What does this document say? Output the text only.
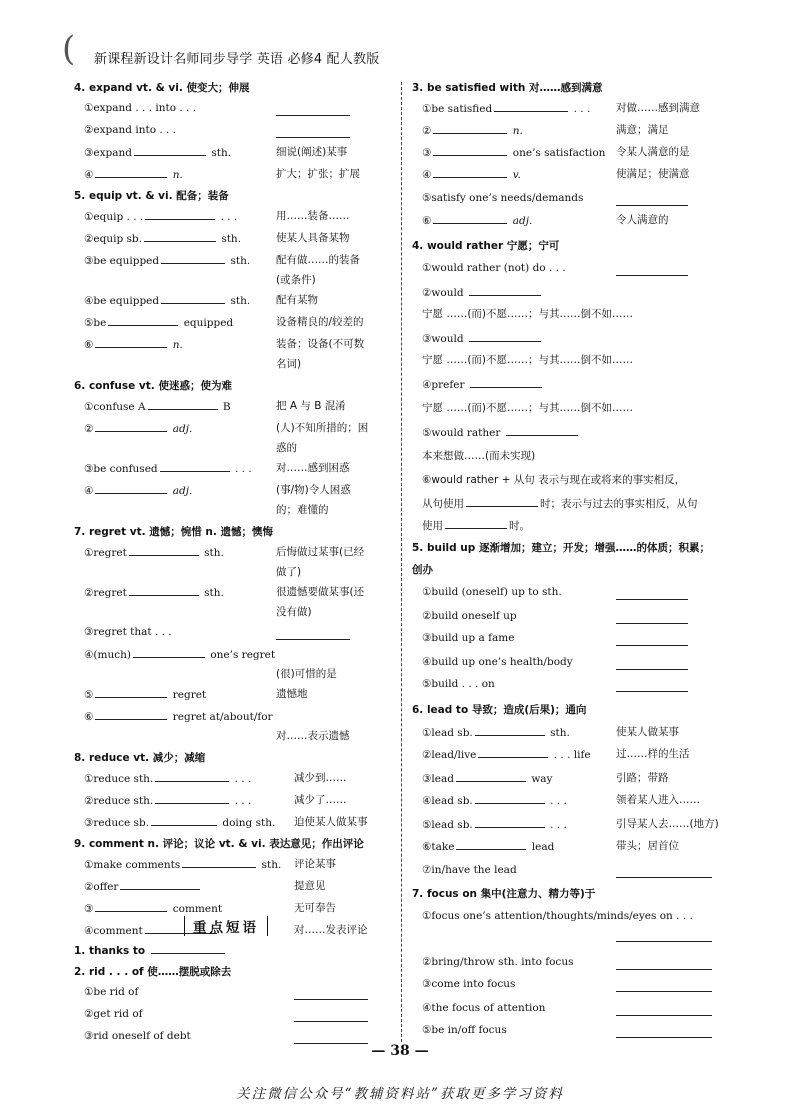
( 新课程新设计名师同步导学 英语 必修4 配人教版
4. expand vt. & vi. 使变大；伸展
①expand . . . into . . .
②expand into . . .
③expand	sth.	细说(阐述)某事
④	n.	扩大；扩张；扩展
5. equip vt. & vi. 配备；装备
①equip . . .	. . .	用……装备……
②equip sb.	sth.	使某人具备某物
③be equipped	sth. 配有做……的装备
(或条件)
④be equipped	sth. 配有某物
⑤be	equipped	设备精良的/较差的
⑥	n.	装备；设备(不可数
名词)
6. confuse vt. 使迷惑；使为难
①confuse A	B	把 A 与 B 混淆
②	adj.	(人)不知所措的；困
惑的
③be confused	. . . 对……感到困惑
④	adj.	(事/物)令人困惑
的；难懂的
7. regret vt. 遗憾；惋惜 n. 遗憾；懊悔
①regret	sth.	后悔做过某事(已经
做了)
②regret	sth.	很遗憾要做某事(还
没有做)
③regret that . . .
④(much)	one’s regret
(很)可惜的是
⑤	regret	遗憾地
⑥	regret at/about/for
对……表示遗憾
8. reduce vt. 减少；减缩
①reduce sth.	. . .	减少到……
②reduce sth.	. . .	减少了……
③reduce sb.	doing sth. 迫使某人做某事
9. comment n. 评论；议论 vt. & vi. 表达意见；作出评论
①make comments	sth. 评论某事
②offer	提意见
③	comment	无可奉告
④comment	对……发表评论
重点短语
1. thanks to
2. rid . . . of 使……摆脱或除去
①be rid of
②get rid of
③rid oneself of debt
3. be satisfied with 对……感到满意
①be satisfied	. . . 对做……感到满意
②	n.	满意；满足
③	one’s satisfaction 令某人满意的是
④	v.	使满足；使满意
⑤satisfy one’s needs/demands
⑥	adj.	令人满意的
4. would rather 宁愿；宁可
①would rather (not) do . . .
②would
宁愿 ……(而)不愿……；与其……倒不如……
③would
宁愿 ……(而)不愿……；与其……倒不如……
④prefer
宁愿 ……(而)不愿……；与其……倒不如……
⑤would rather
本来想做……(而未实现)
⑥would rather + 从句 表示与现在或将来的事实相反，
从句使用	时；表示与过去的事实相反，从句
使用	时。
5. build up 逐渐增加；建立；开发；增强……的体质；积累；
创办
①build (oneself) up to sth.
②build oneself up
③build up a fame
④build up one’s health/body
⑤build . . . on
6. lead to 导致；造成(后果)；通向
①lead sb.	sth.	使某人做某事
②lead/live	. . . life 过……样的生活
③lead	way	引路；带路
④lead sb.	. . .	领着某人进入……
⑤lead sb.	. . .	引导某人去……(地方)
⑥take	lead	带头；居首位
⑦in/have the lead
7. focus on 集中(注意力、精力等)于
①focus one’s attention/thoughts/minds/eyes on . . .
②bring/throw sth. into focus
③come into focus
④the focus of attention
⑤be in/off focus
— 38 —
关注微信公众号“教辅资料站”获取更多学习资料
